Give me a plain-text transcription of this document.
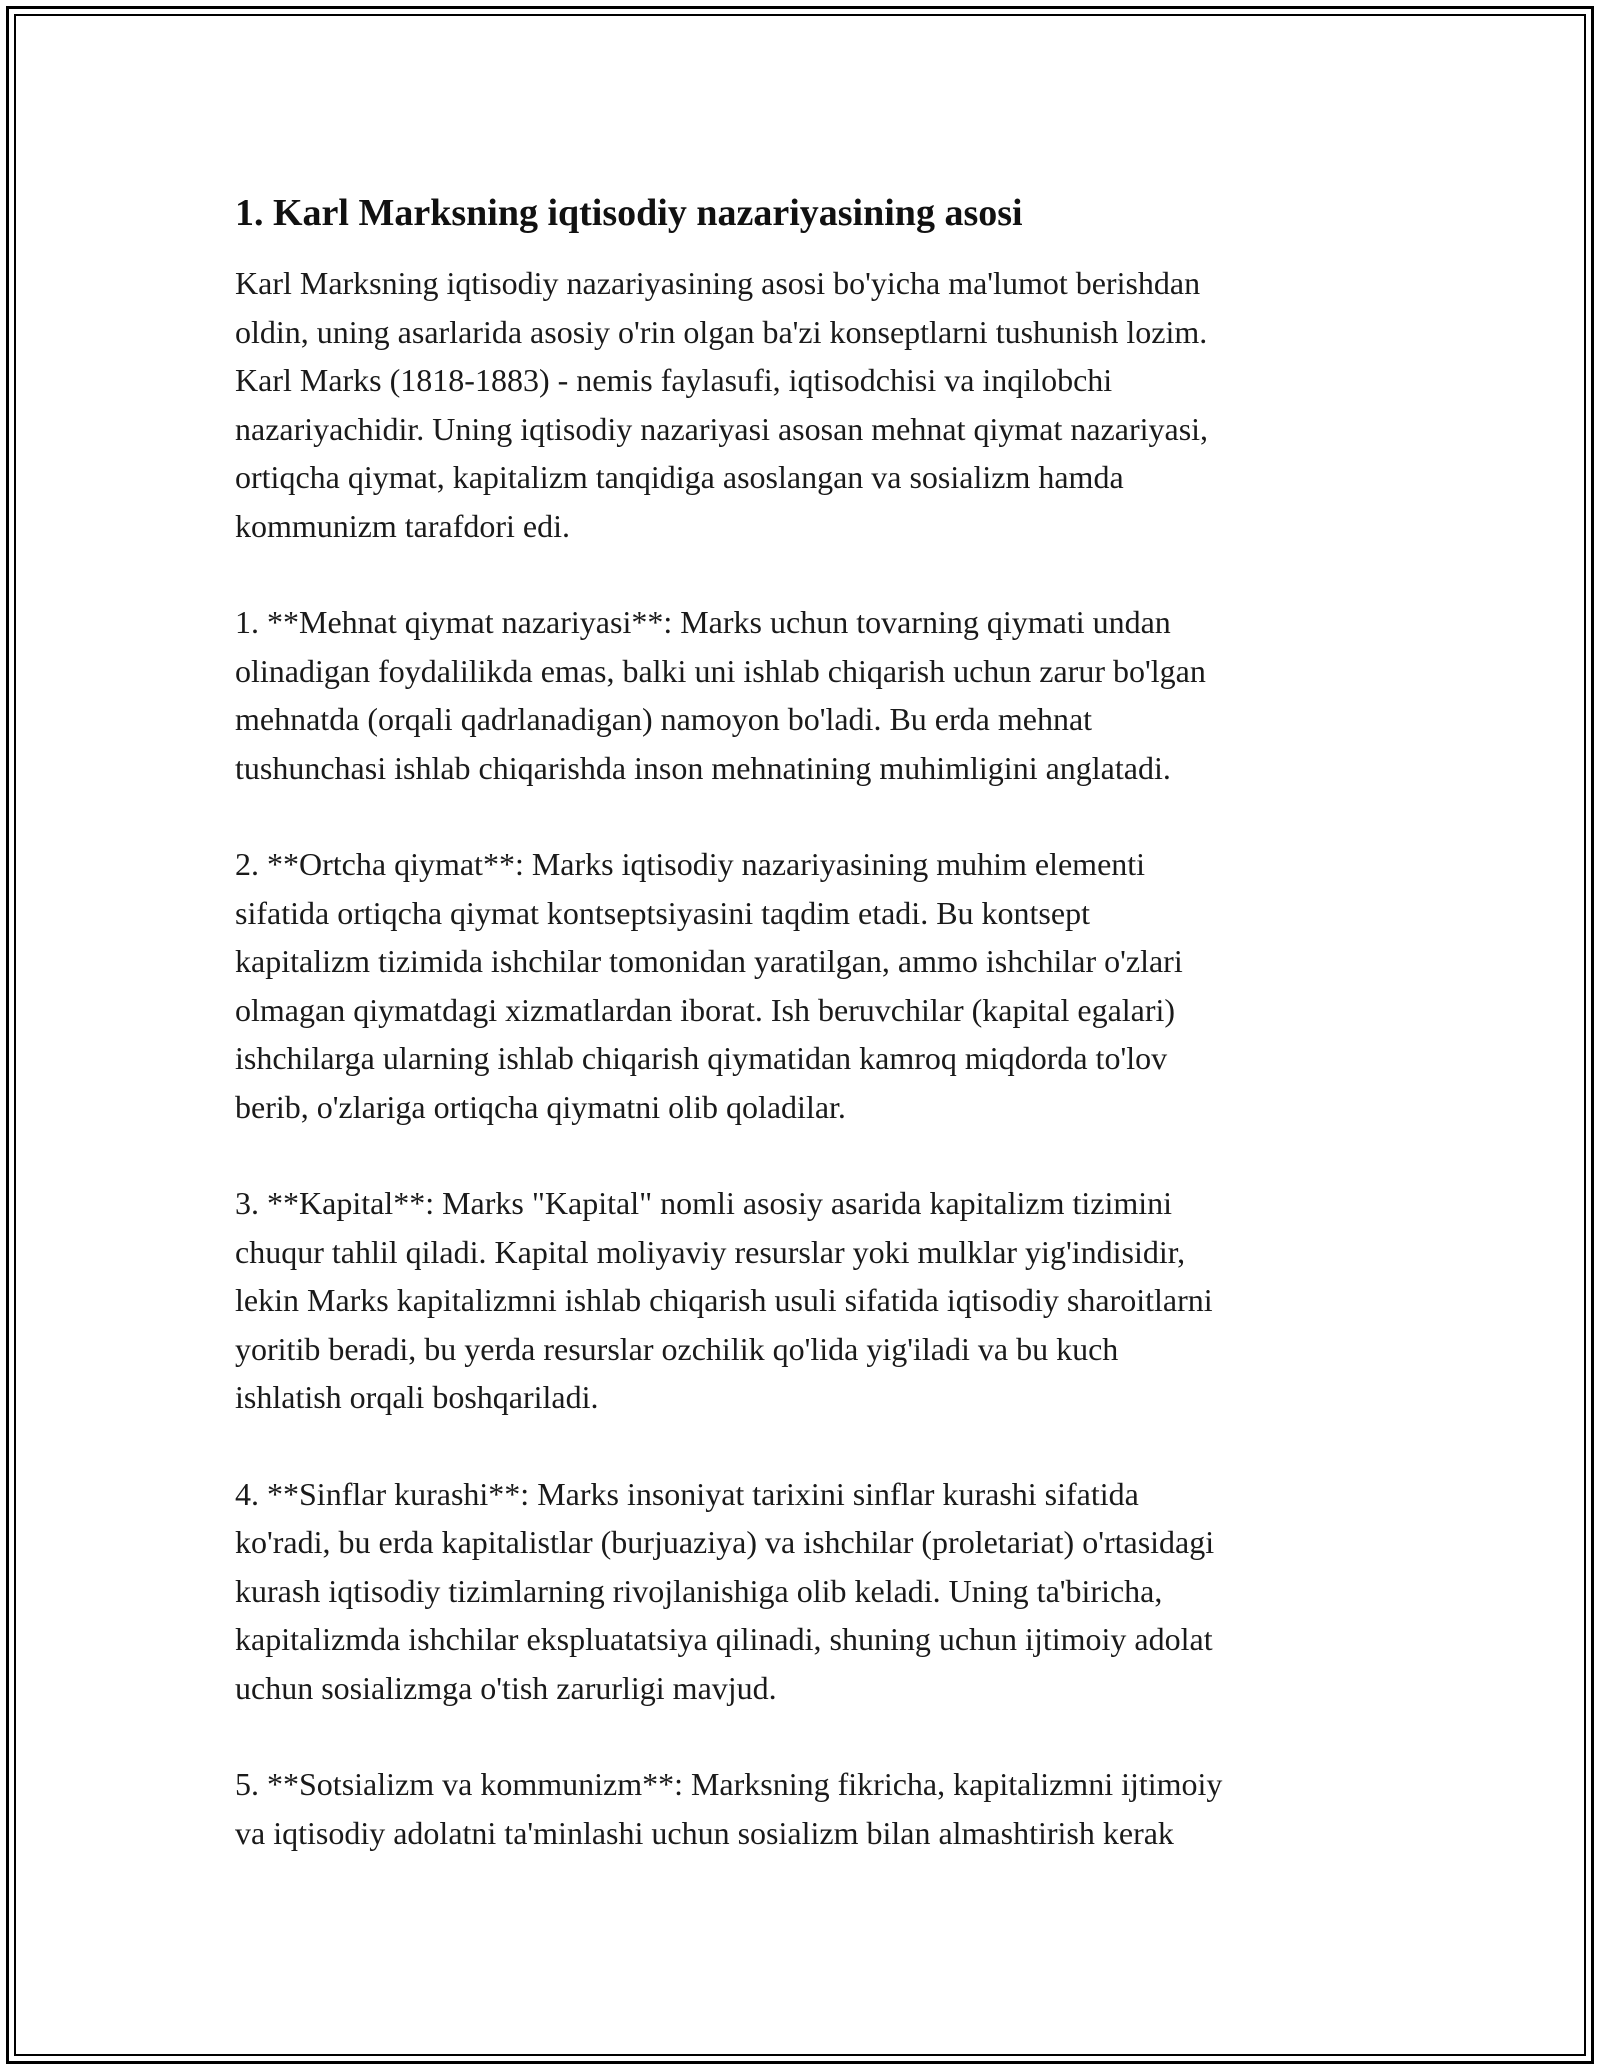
1. Karl Marksning iqtisodiy nazariyasining asosi

Karl Marksning iqtisodiy nazariyasining asosi bo'yicha ma'lumot berishdan
oldin, uning asarlarida asosiy o'rin olgan ba'zi konseptlarni tushunish lozim.
Karl Marks (1818-1883) - nemis faylasufi, iqtisodchisi va inqilobchi
nazariyachidir. Uning iqtisodiy nazariyasi asosan mehnat qiymat nazariyasi,
ortiqcha qiymat, kapitalizm tanqidiga asoslangan va sosializm hamda
kommunizm tarafdori edi.

1. **Mehnat qiymat nazariyasi**: Marks uchun tovarning qiymati undan
olinadigan foydalilikda emas, balki uni ishlab chiqarish uchun zarur bo'lgan
mehnatda (orqali qadrlanadigan) namoyon bo'ladi. Bu erda mehnat
tushunchasi ishlab chiqarishda inson mehnatining muhimligini anglatadi.

2. **Ortcha qiymat**: Marks iqtisodiy nazariyasining muhim elementi
sifatida ortiqcha qiymat kontseptsiyasini taqdim etadi. Bu kontsept
kapitalizm tizimida ishchilar tomonidan yaratilgan, ammo ishchilar o'zlari
olmagan qiymatdagi xizmatlardan iborat. Ish beruvchilar (kapital egalari)
ishchilarga ularning ishlab chiqarish qiymatidan kamroq miqdorda to'lov
berib, o'zlariga ortiqcha qiymatni olib qoladilar.

3. **Kapital**: Marks "Kapital" nomli asosiy asarida kapitalizm tizimini
chuqur tahlil qiladi. Kapital moliyaviy resurslar yoki mulklar yig'indisidir,
lekin Marks kapitalizmni ishlab chiqarish usuli sifatida iqtisodiy sharoitlarni
yoritib beradi, bu yerda resurslar ozchilik qo'lida yig'iladi va bu kuch
ishlatish orqali boshqariladi.

4. **Sinflar kurashi**: Marks insoniyat tarixini sinflar kurashi sifatida
ko'radi, bu erda kapitalistlar (burjuaziya) va ishchilar (proletariat) o'rtasidagi
kurash iqtisodiy tizimlarning rivojlanishiga olib keladi. Uning ta'biricha,
kapitalizmda ishchilar ekspluatatsiya qilinadi, shuning uchun ijtimoiy adolat
uchun sosializmga o'tish zarurligi mavjud.

5. **Sotsializm va kommunizm**: Marksning fikricha, kapitalizmni ijtimoiy
va iqtisodiy adolatni ta'minlashi uchun sosializm bilan almashtirish kerak
